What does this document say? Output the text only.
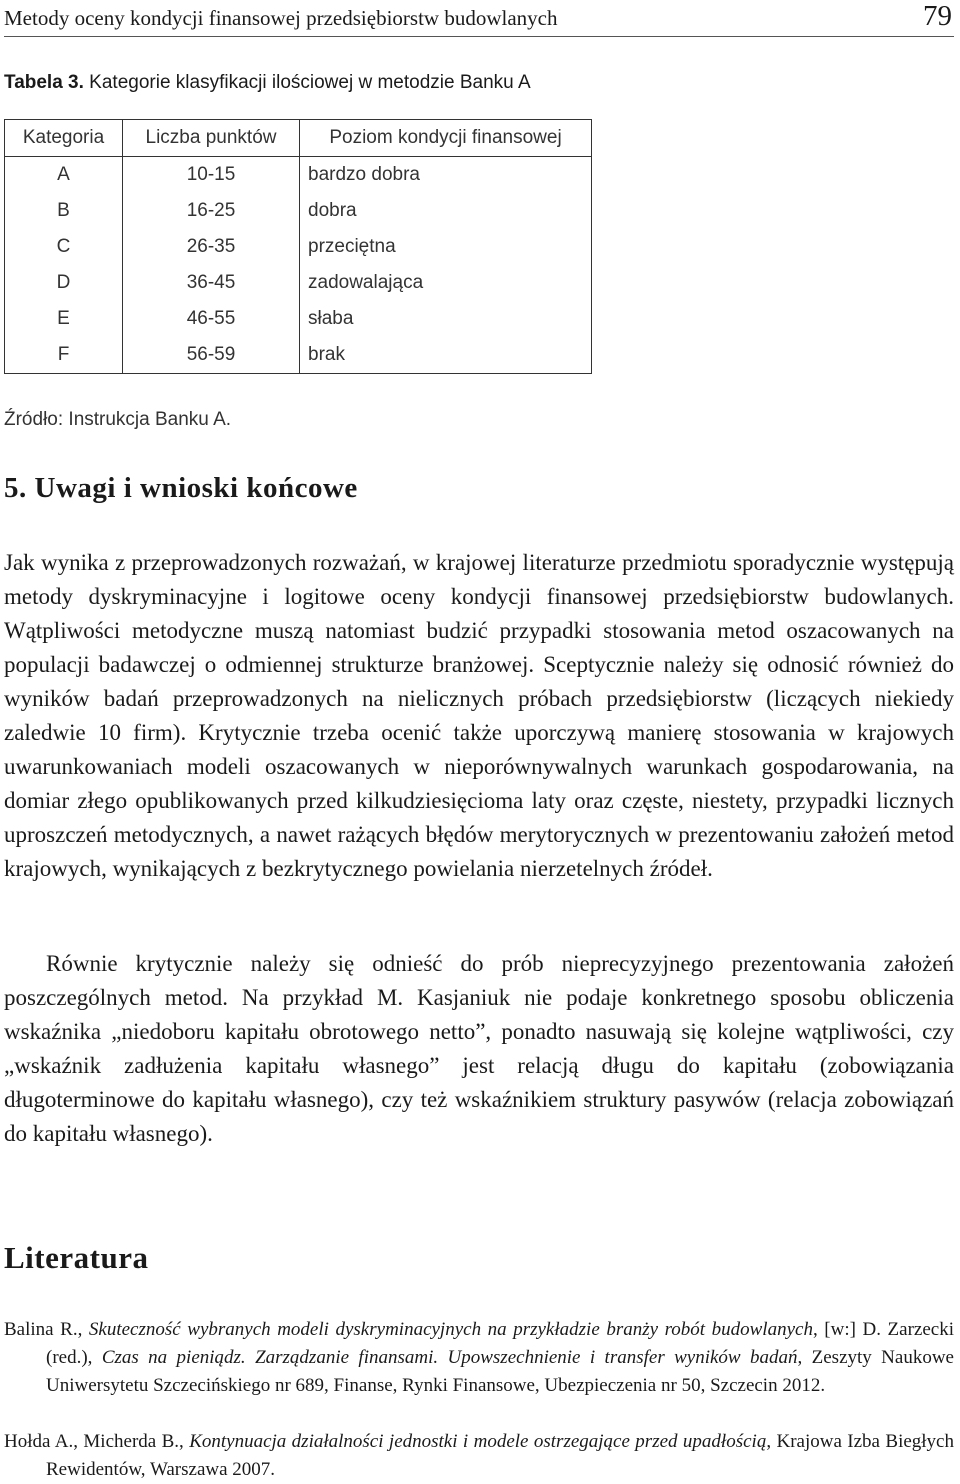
Metody oceny kondycji finansowej przedsiębiorstw budowlanych	79
Tabela 3. Kategorie klasyfikacji ilościowej w metodzie Banku A
Kategoria	Liczba punktów	Poziom kondycji finansowej
A	10-15	bardzo dobra
B	16-25	dobra
C	26-35	przeciętna
D	36-45	zadowalająca
E	46-55	słaba
F	56-59	brak
Źródło: Instrukcja Banku A.
5. Uwagi i wnioski końcowe

Jak wynika z przeprowadzonych rozważań, w krajowej literaturze przedmiotu sporadycznie występują metody dyskryminacyjne i logitowe oceny kondycji finansowej przedsiębiorstw budowlanych. Wątpliwości metodyczne muszą natomiast budzić przypadki stosowania metod oszacowanych na populacji badawczej o odmiennej strukturze branżowej. Sceptycznie należy się odnosić również do wyników badań przeprowadzonych na nielicznych próbach przedsiębiorstw (liczących niekiedy zaledwie 10 firm). Krytycznie trzeba ocenić także uporczywą manierę stosowania w krajowych uwarunkowaniach modeli oszacowanych w nieporównywalnych warunkach gospodarowania, na domiar złego opublikowanych przed kilkudziesięcioma laty oraz częste, niestety, przypadki licznych uproszczeń metodycznych, a nawet rażących błędów merytorycznych w prezentowaniu założeń metod krajowych, wynikających z bezkrytycznego powielania nierzetelnych źródeł.

Równie krytycznie należy się odnieść do prób nieprecyzyjnego prezentowania założeń poszczególnych metod. Na przykład M. Kasjaniuk nie podaje konkretnego sposobu obliczenia wskaźnika „niedoboru kapitału obrotowego netto”, ponadto nasuwają się kolejne wątpliwości, czy „wskaźnik zadłużenia kapitału własnego” jest relacją długu do kapitału (zobowiązania długoterminowe do kapitału własnego), czy też wskaźnikiem struktury pasywów (relacja zobowiązań do kapitału własnego).

Literatura
Balina R., Skuteczność wybranych modeli dyskryminacyjnych na przykładzie branży robót budowlanych, [w:] D. Zarzecki (red.), Czas na pieniądz. Zarządzanie finansami. Upowszechnienie i transfer wyników badań, Zeszyty Naukowe Uniwersytetu Szczecińskiego nr 689, Finanse, Rynki Finansowe, Ubezpieczenia nr 50, Szczecin 2012.
Hołda A., Micherda B., Kontynuacja działalności jednostki i modele ostrzegające przed upadłością, Krajowa Izba Biegłych Rewidentów, Warszawa 2007.
